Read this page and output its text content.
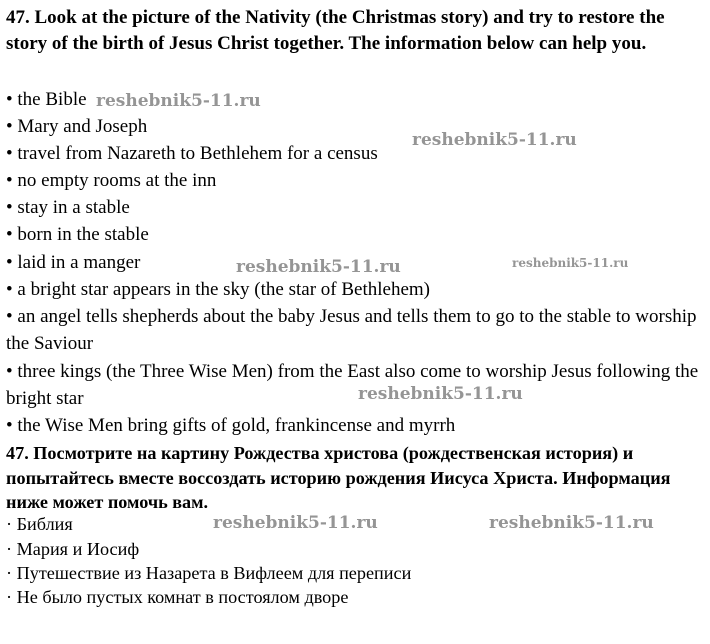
47. Look at the picture of the Nativity (the Christmas story) and try to restore the story of the birth of Jesus Christ together. The information below can help you.

• the Bible

• Mary and Joseph

• travel from Nazareth to Bethlehem for a census

• no empty rooms at the inn

• stay in a stable

• born in the stable

• laid in a manger

• a bright star appears in the sky (the star of Bethlehem)

• an angel tells shepherds about the baby Jesus and tells them to go to the stable to worship the Saviour

• three kings (the Three Wise Men) from the East also come to worship Jesus following the bright star

• the Wise Men bring gifts of gold, frankincense and myrrh

47. Посмотрите на картину Рождества христова (рождественская история) и попытайтесь вместе воссоздать историю рождения Иисуса Христа. Информация ниже может помочь вам.

· Библия

· Мария и Иосиф

· Путешествие из Назарета в Вифлеем для переписи

· Не было пустых комнат в постоялом дворе

reshebnik5-11.ru
reshebnik5-11.ru
reshebnik5-11.ru	reshebnik5-11.ru
reshebnik5-11.ru
reshebnik5-11.ru	reshebnik5-11.ru
